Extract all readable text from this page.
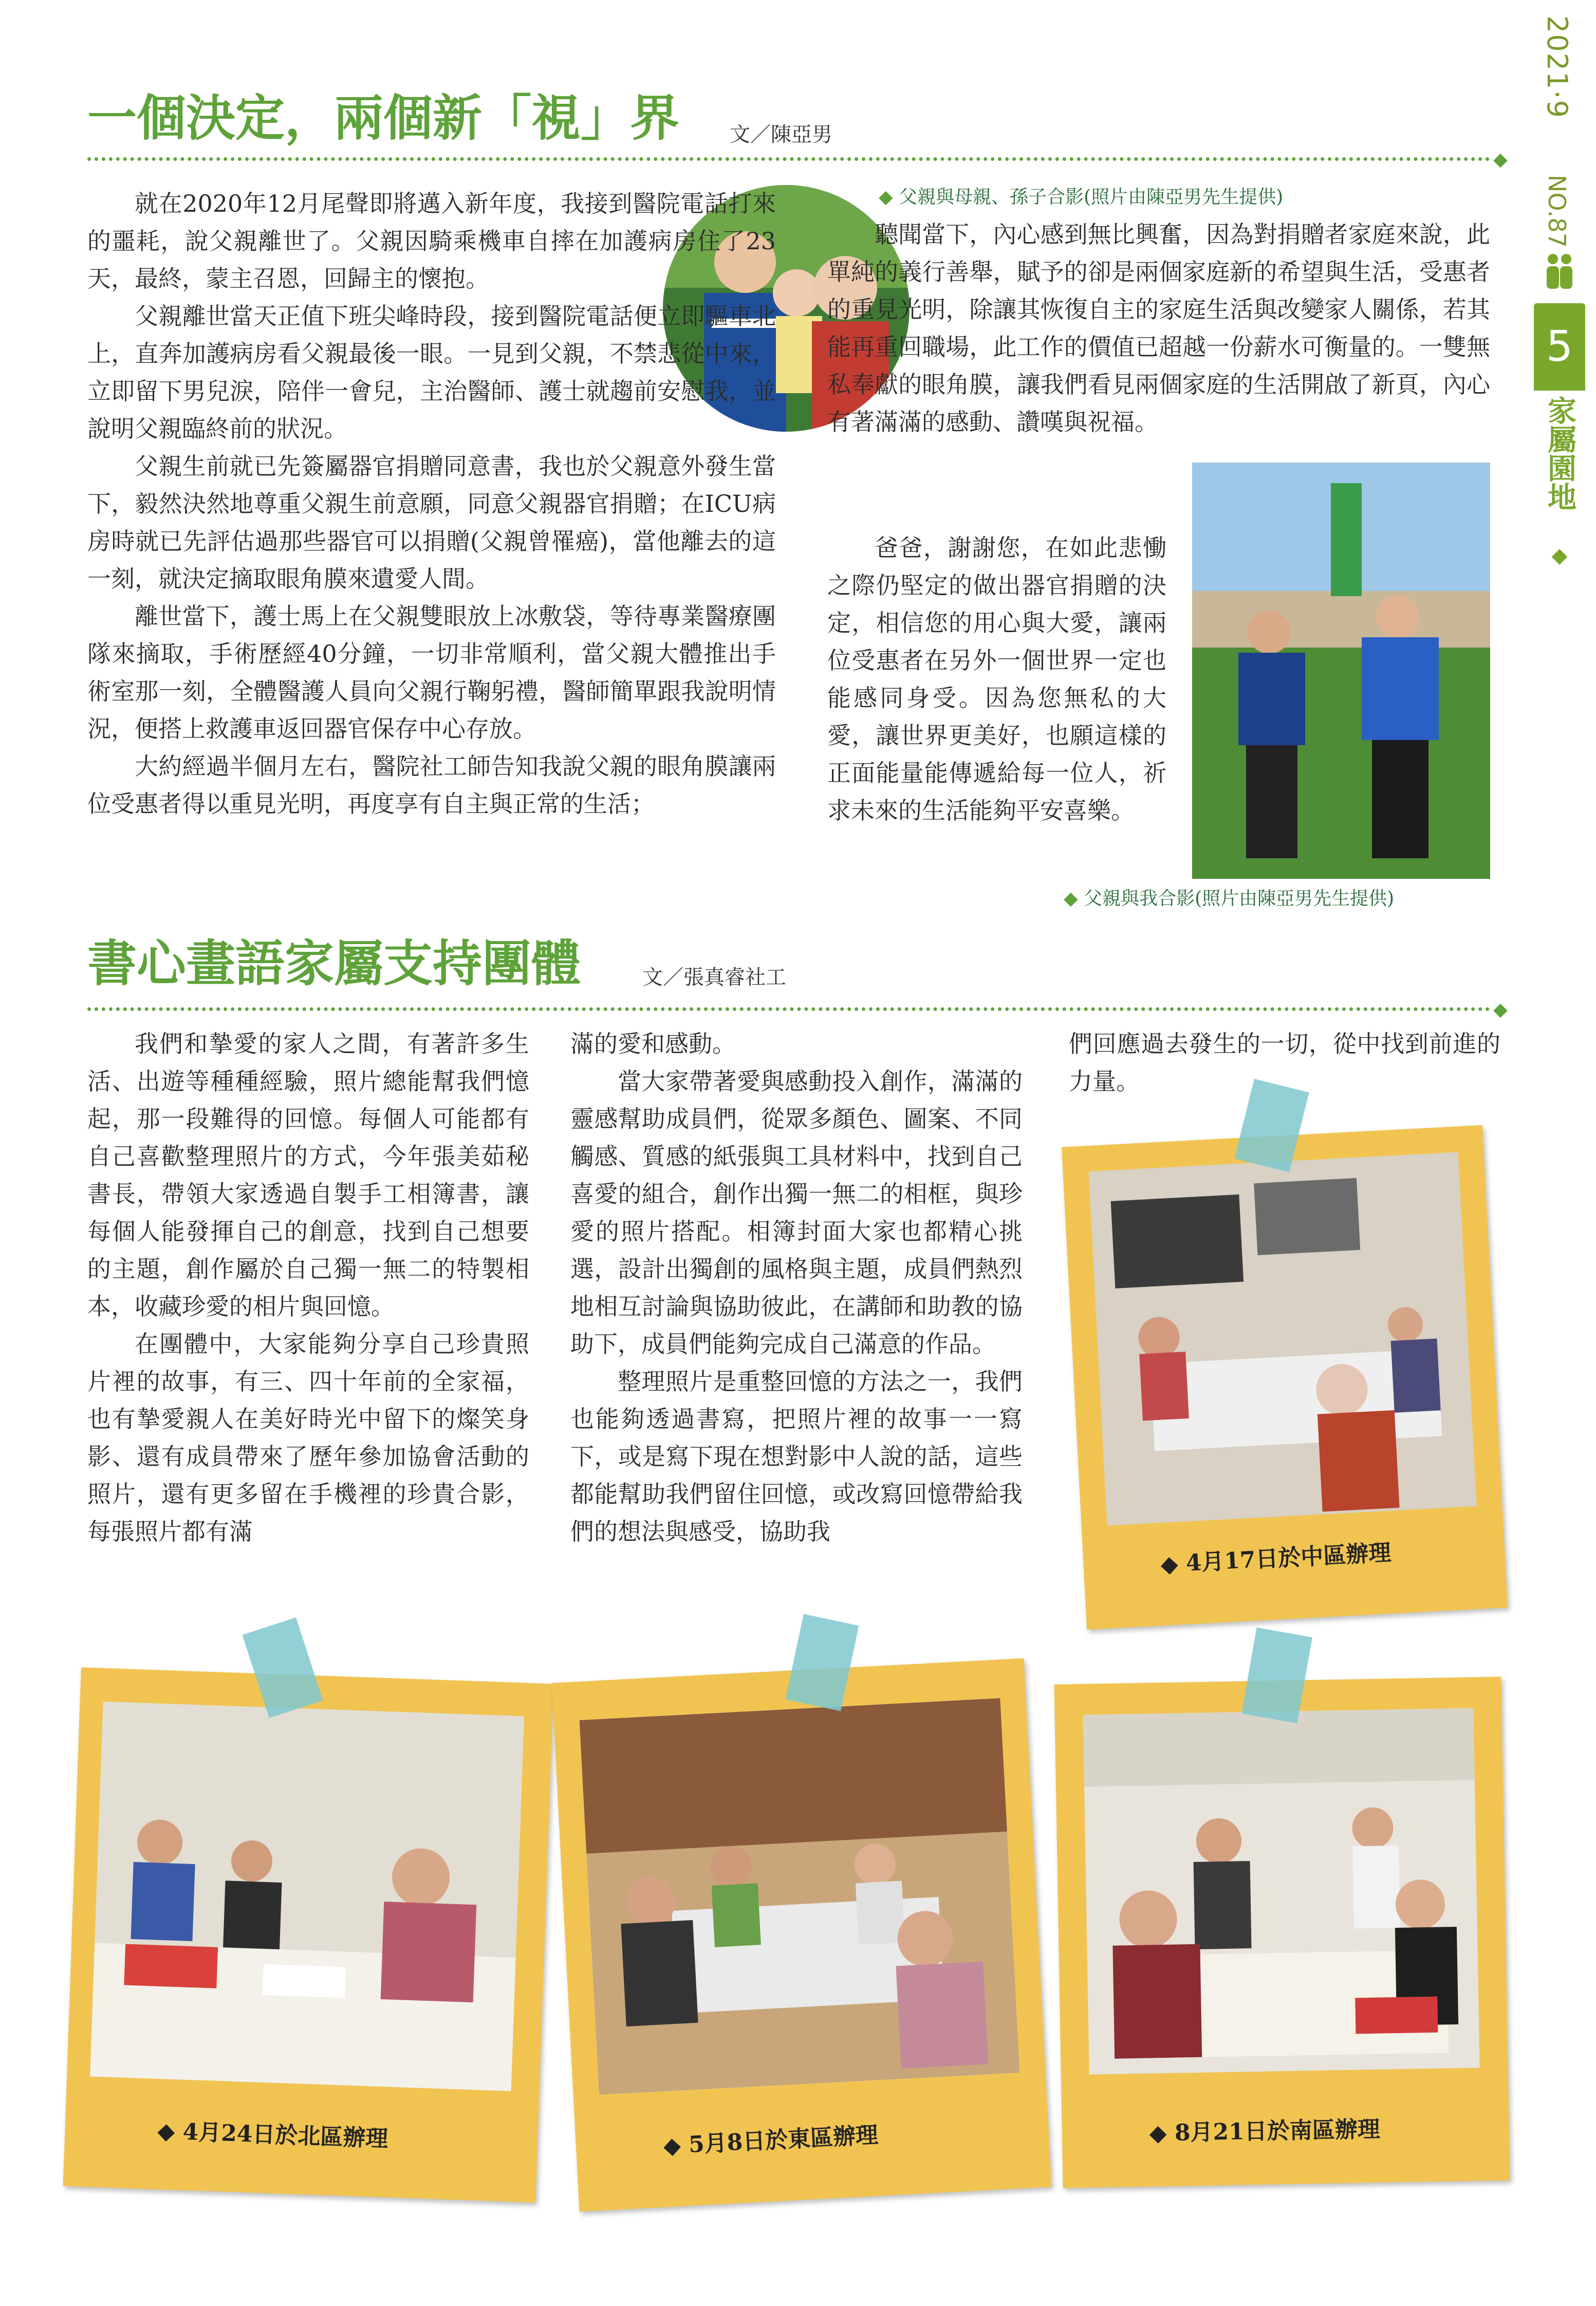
2021·9
NO.87
5
家屬園地
◆
一個決定，兩個新「視」界 文／陳亞男
◆
◆ 父親與母親、孫子合影(照片由陳亞男先生提供)

就在2020年12月尾聲即將邁入新年度，我接到醫院電話打來的噩耗，說父親離世了。父親因騎乘機車自摔在加護病房住了23天，最終，蒙主召恩，回歸主的懷抱。

父親離世當天正值下班尖峰時段，接到醫院電話便立即驅車北上，直奔加護病房看父親最後一眼。一見到父親，不禁悲從中來，立即留下男兒淚，陪伴一會兒，主治醫師、護士就趨前安慰我，並說明父親臨終前的狀況。

父親生前就已先簽屬器官捐贈同意書，我也於父親意外發生當下，毅然決然地尊重父親生前意願，同意父親器官捐贈；在ICU病房時就已先評估過那些器官可以捐贈(父親曾罹癌)，當他離去的這一刻，就決定摘取眼角膜來遺愛人間。

離世當下，護士馬上在父親雙眼放上冰敷袋，等待專業醫療團隊來摘取，手術歷經40分鐘，一切非常順利，當父親大體推出手術室那一刻，全體醫護人員向父親行鞠躬禮，醫師簡單跟我說明情況，便搭上救護車返回器官保存中心存放。

大約經過半個月左右，醫院社工師告知我說父親的眼角膜讓兩位受惠者得以重見光明，再度享有自主與正常的生活；

聽聞當下，內心感到無比興奮，因為對捐贈者家庭來說，此單純的義行善舉，賦予的卻是兩個家庭新的希望與生活，受惠者的重見光明，除讓其恢復自主的家庭生活與改變家人關係，若其能再重回職場，此工作的價值已超越一份薪水可衡量的。一雙無私奉獻的眼角膜，讓我們看見兩個家庭的生活開啟了新頁，內心有著滿滿的感動、讚嘆與祝福。

爸爸，謝謝您，在如此悲慟之際仍堅定的做出器官捐贈的決定，相信您的用心與大愛，讓兩位受惠者在另外一個世界一定也能感同身受。因為您無私的大愛，讓世界更美好，也願這樣的正面能量能傳遞給每一位人，祈求未來的生活能夠平安喜樂。

◆ 父親與我合影(照片由陳亞男先生提供)
書心畫語家屬支持團體	文／張真睿社工
◆

我們和摯愛的家人之間，有著許多生活、出遊等種種經驗，照片總能幫我們憶起，那一段難得的回憶。每個人可能都有自己喜歡整理照片的方式，今年張美茹秘書長，帶領大家透過自製手工相簿書，讓每個人能發揮自己的創意，找到自己想要的主題，創作屬於自己獨一無二的特製相本，收藏珍愛的相片與回憶。

在團體中，大家能夠分享自己珍貴照片裡的故事，有三、四十年前的全家福，也有摯愛親人在美好時光中留下的燦笑身影、還有成員帶來了歷年參加協會活動的照片，還有更多留在手機裡的珍貴合影，每張照片都有滿

滿的愛和感動。

當大家帶著愛與感動投入創作，滿滿的靈感幫助成員們，從眾多顏色、圖案、不同觸感、質感的紙張與工具材料中，找到自己喜愛的組合，創作出獨一無二的相框，與珍愛的照片搭配。相簿封面大家也都精心挑選，設計出獨創的風格與主題，成員們熱烈地相互討論與協助彼此，在講師和助教的協助下，成員們能夠完成自己滿意的作品。

整理照片是重整回憶的方法之一，我們也能夠透過書寫，把照片裡的故事一一寫下，或是寫下現在想對影中人說的話，這些都能幫助我們留住回憶，或改寫回憶帶給我們的想法與感受，協助我

們回應過去發生的一切，從中找到前進的力量。

◆ 4月17日於中區辦理
◆ 4月24日於北區辦理	◆ 5月8日於東區辦理	◆ 8月21日於南區辦理
